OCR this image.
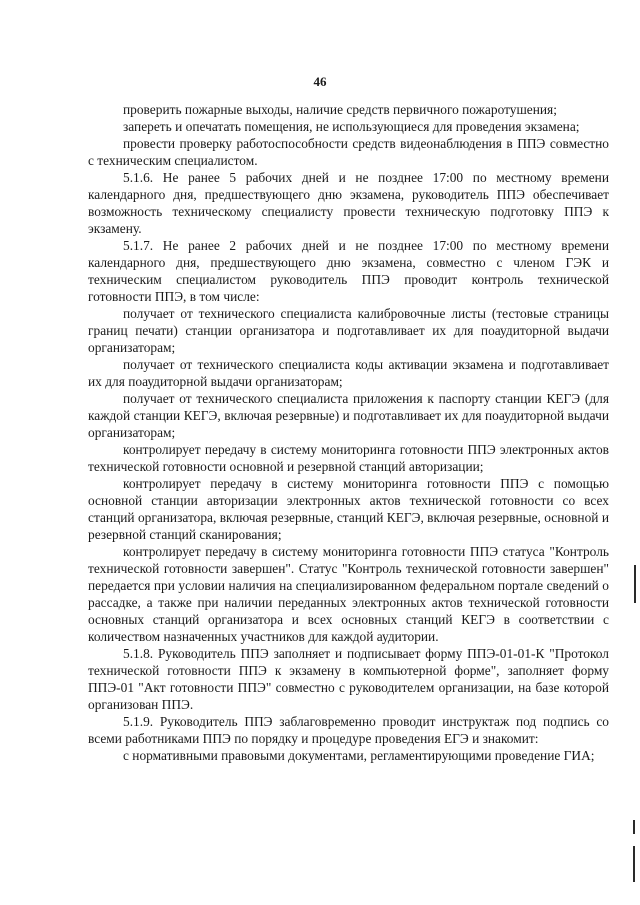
46

проверить пожарные выходы, наличие средств первичного пожаротушения;

запереть и опечатать помещения, не использующиеся для проведения экзамена;

провести проверку работоспособности средств видеонаблюдения в ППЭ совместно с техническим специалистом.

5.1.6. Не ранее 5 рабочих дней и не позднее 17:00 по местному времени календарного дня, предшествующего дню экзамена, руководитель ППЭ обеспечивает возможность техническому специалисту провести техническую подготовку ППЭ к экзамену.

5.1.7. Не ранее 2 рабочих дней и не позднее 17:00 по местному времени календарного дня, предшествующего дню экзамена, совместно с членом ГЭК и техническим специалистом руководитель ППЭ проводит контроль технической готовности ППЭ, в том числе:

получает от технического специалиста калибровочные листы (тестовые страницы границ печати) станции организатора и подготавливает их для поаудиторной выдачи организаторам;

получает от технического специалиста коды активации экзамена и подготавливает их для поаудиторной выдачи организаторам;

получает от технического специалиста приложения к паспорту станции КЕГЭ (для каждой станции КЕГЭ, включая резервные) и подготавливает их для поаудиторной выдачи организаторам;

контролирует передачу в систему мониторинга готовности ППЭ электронных актов технической готовности основной и резервной станций авторизации;

контролирует передачу в систему мониторинга готовности ППЭ с помощью основной станции авторизации электронных актов технической готовности со всех станций организатора, включая резервные, станций КЕГЭ, включая резервные, основной и резервной станций сканирования;

контролирует передачу в систему мониторинга готовности ППЭ статуса "Контроль технической готовности завершен". Статус "Контроль технической готовности завершен" передается при условии наличия на специализированном федеральном портале сведений о рассадке, а также при наличии переданных электронных актов технической готовности основных станций организатора и всех основных станций КЕГЭ в соответствии с количеством назначенных участников для каждой аудитории.

5.1.8. Руководитель ППЭ заполняет и подписывает форму ППЭ-01-01-К "Протокол технической готовности ППЭ к экзамену в компьютерной форме", заполняет форму ППЭ-01 "Акт готовности ППЭ" совместно с руководителем организации, на базе которой организован ППЭ.

5.1.9. Руководитель ППЭ заблаговременно проводит инструктаж под подпись со всеми работниками ППЭ по порядку и процедуре проведения ЕГЭ и знакомит:

с нормативными правовыми документами, регламентирующими проведение ГИА;
